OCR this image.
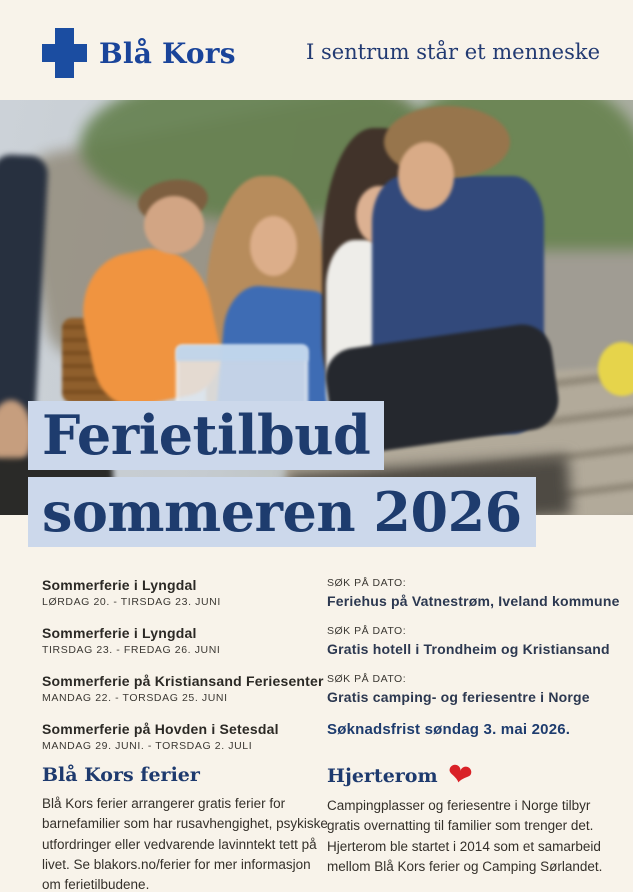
Blå Kors	I sentrum står et menneske
Ferietilbud
sommeren 2026
Sommerferie i Lyngdal
LØRDAG 20. - TIRSDAG 23. JUNI
Sommerferie i Lyngdal
TIRSDAG 23. - FREDAG 26. JUNI
Sommerferie på Kristiansand Feriesenter
MANDAG 22. - TORSDAG 25. JUNI
Sommerferie på Hovden i Setesdal
MANDAG 29. JUNI. - TORSDAG 2. JULI
SØK PÅ DATO:
Feriehus på Vatnestrøm, Iveland kommune
SØK PÅ DATO:
Gratis hotell i Trondheim og Kristiansand
SØK PÅ DATO:
Gratis camping- og feriesentre i Norge
Søknadsfrist søndag 3. mai 2026.
Blå Kors ferier
Blå Kors ferier arrangerer gratis ferier for barnefamilier som har rusavhengighet, psykiske utfordringer eller vedvarende lavinntekt tett på livet. Se blakors.no/ferier for mer informasjon om ferietilbudene.
Hjerterom ❤
Campingplasser og feriesentre i Norge tilbyr gratis overnatting til familier som trenger det. Hjerterom ble startet i 2014 som et samarbeid mellom Blå Kors ferier og Camping Sørlandet.
